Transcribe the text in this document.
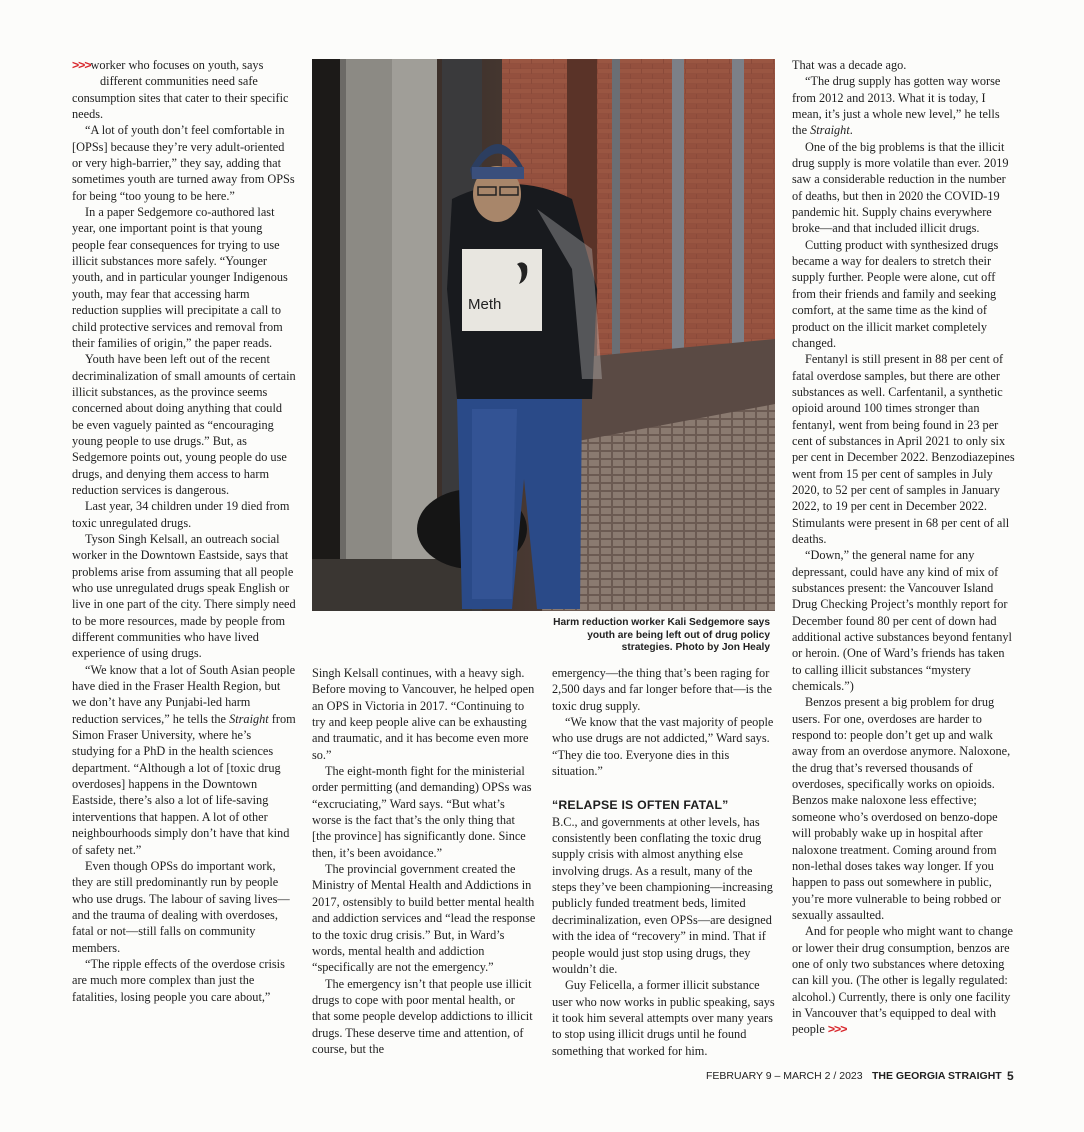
>>>worker who focuses on youth, says
different communities need safe consumption sites that cater to their specific needs.

“A lot of youth don’t feel comfortable in [OPSs] because they’re very adult-oriented or very high-barrier,” they say, adding that sometimes youth are turned away from OPSs for being “too young to be here.”

In a paper Sedgemore co-authored last year, one important point is that young people fear consequences for trying to use illicit substances more safely. “Younger youth, and in particular younger Indigenous youth, may fear that accessing harm reduction supplies will precipitate a call to child protective services and removal from their families of origin,” the paper reads.

Youth have been left out of the recent decriminalization of small amounts of certain illicit substances, as the province seems concerned about doing anything that could be even vaguely painted as “encouraging young people to use drugs.” But, as Sedgemore points out, young people do use drugs, and denying them access to harm reduction services is dangerous.

Last year, 34 children under 19 died from toxic unregulated drugs.

Tyson Singh Kelsall, an outreach social worker in the Downtown Eastside, says that problems arise from assuming that all people who use unregulated drugs speak English or live in one part of the city. There simply need to be more resources, made by people from different communities who have lived experience of using drugs.

“We know that a lot of South Asian people have died in the Fraser Health Region, but we don’t have any Punjabi-led harm reduction services,” he tells the Straight from Simon Fraser University, where he’s studying for a PhD in the health sciences department. “Although a lot of [toxic drug overdoses] happens in the Downtown Eastside, there’s also a lot of life-saving interventions that happen. A lot of other neighbourhoods simply don’t have that kind of safety net.”

Even though OPSs do important work, they are still predominantly run by people who use drugs. The labour of saving lives—and the trauma of dealing with overdoses, fatal or not—still falls on community members.

“The ripple effects of the overdose crisis are much more complex than just the fatalities, losing people you care about,”

Meth
Harm reduction worker Kali Sedgemore says youth are being left out of drug policy strategies. Photo by Jon Healy

Singh Kelsall continues, with a heavy sigh. Before moving to Vancouver, he helped open an OPS in Victoria in 2017. “Continuing to try and keep people alive can be exhausting and traumatic, and it has become even more so.”

The eight-month fight for the ministerial order permitting (and demanding) OPSs was “excruciating,” Ward says. “But what’s worse is the fact that’s the only thing that [the province] has significantly done. Since then, it’s been avoidance.”

The provincial government created the Ministry of Mental Health and Addictions in 2017, ostensibly to build better mental health and addiction services and “lead the response to the toxic drug crisis.” But, in Ward’s words, mental health and addiction “specifically are not the emergency.”

The emergency isn’t that people use illicit drugs to cope with poor mental health, or that some people develop addictions to illicit drugs. These deserve time and attention, of course, but the

emergency—the thing that’s been raging for 2,500 days and far longer before that—is the toxic drug supply.

“We know that the vast majority of people who use drugs are not addicted,” Ward says. “They die too. Everyone dies in this situation.”

“RELAPSE IS OFTEN FATAL”

B.C., and governments at other levels, has consistently been conflating the toxic drug supply crisis with almost anything else involving drugs. As a result, many of the steps they’ve been championing—increasing publicly funded treatment beds, limited decriminalization, even OPSs—are designed with the idea of “recovery” in mind. That if people would just stop using drugs, they wouldn’t die.

Guy Felicella, a former illicit substance user who now works in public speaking, says it took him several attempts over many years to stop using illicit drugs until he found something that worked for him.

That was a decade ago.

“The drug supply has gotten way worse from 2012 and 2013. What it is today, I mean, it’s just a whole new level,” he tells the Straight.

One of the big problems is that the illicit drug supply is more volatile than ever. 2019 saw a considerable reduction in the number of deaths, but then in 2020 the COVID-19 pandemic hit. Supply chains everywhere broke—and that included illicit drugs.

Cutting product with synthesized drugs became a way for dealers to stretch their supply further. People were alone, cut off from their friends and family and seeking comfort, at the same time as the kind of product on the illicit market completely changed.

Fentanyl is still present in 88 per cent of fatal overdose samples, but there are other substances as well. Carfentanil, a synthetic opioid around 100 times stronger than fentanyl, went from being found in 23 per cent of substances in April 2021 to only six per cent in December 2022. Benzodiazepines went from 15 per cent of samples in July 2020, to 52 per cent of samples in January 2022, to 19 per cent in December 2022. Stimulants were present in 68 per cent of all deaths.

“Down,” the general name for any depressant, could have any kind of mix of substances present: the Vancouver Island Drug Checking Project’s monthly report for December found 80 per cent of down had additional active substances beyond fentanyl or heroin. (One of Ward’s friends has taken to calling illicit substances “mystery chemicals.”)

Benzos present a big problem for drug users. For one, overdoses are harder to respond to: people don’t get up and walk away from an overdose anymore. Naloxone, the drug that’s reversed thousands of overdoses, specifically works on opioids. Benzos make naloxone less effective; someone who’s overdosed on benzo-dope will probably wake up in hospital after naloxone treatment. Coming around from non-lethal doses takes way longer. If you happen to pass out somewhere in public, you’re more vulnerable to being robbed or sexually assaulted.

And for people who might want to change or lower their drug consumption, benzos are one of only two substances where detoxing can kill you. (The other is legally regulated: alcohol.) Currently, there is only one facility in Vancouver that’s equipped to deal with people >>>

FEBRUARY 9 – MARCH 2 / 2023 THE GEORGIA STRAIGHT 5
